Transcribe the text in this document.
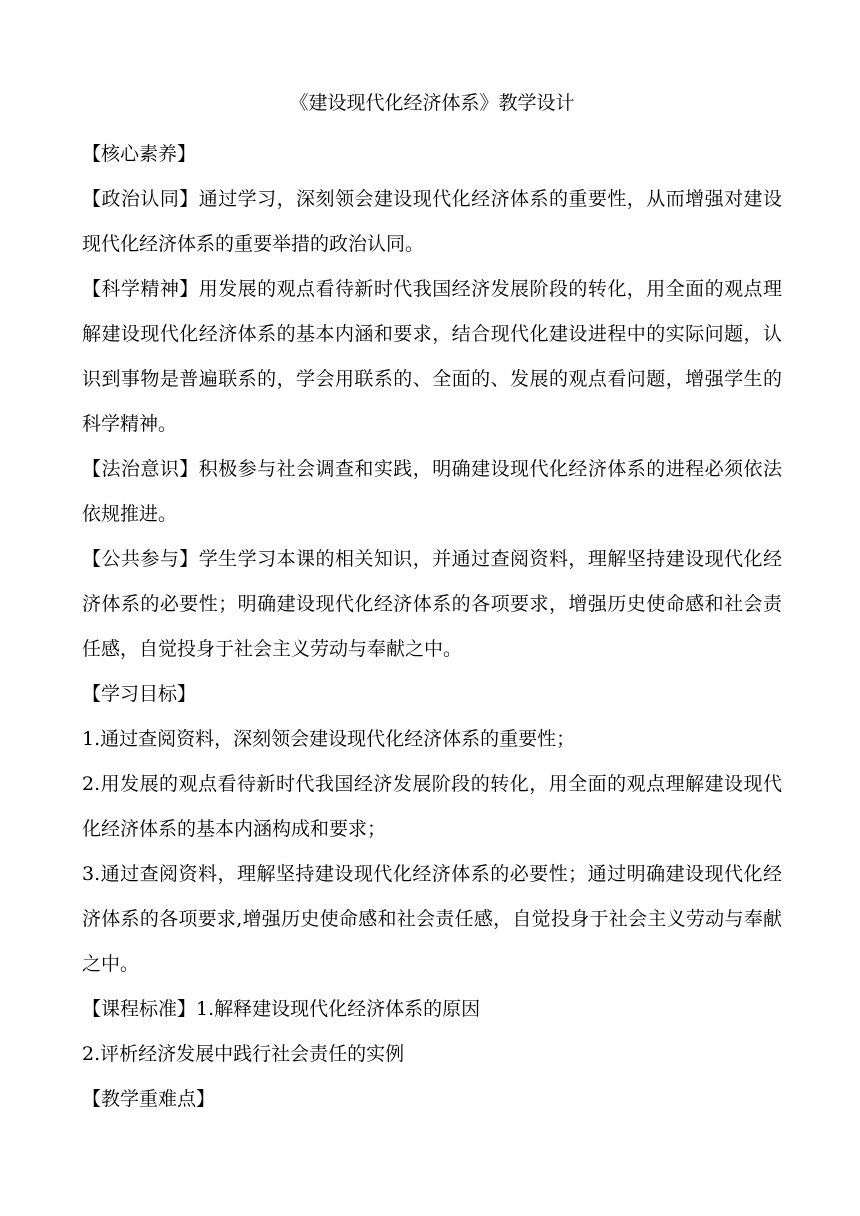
《建设现代化经济体系》教学设计

【核心素养】

【政治认同】通过学习，深刻领会建设现代化经济体系的重要性，从而增强对建设现代化经济体系的重要举措的政治认同。

【科学精神】用发展的观点看待新时代我国经济发展阶段的转化，用全面的观点理解建设现代化经济体系的基本内涵和要求，结合现代化建设进程中的实际问题，认识到事物是普遍联系的，学会用联系的、全面的、发展的观点看问题，增强学生的科学精神。

【法治意识】积极参与社会调查和实践，明确建设现代化经济体系的进程必须依法依规推进。

【公共参与】学生学习本课的相关知识，并通过查阅资料，理解坚持建设现代化经济体系的必要性；明确建设现代化经济体系的各项要求，增强历史使命感和社会责任感，自觉投身于社会主义劳动与奉献之中。

【学习目标】

1.通过查阅资料，深刻领会建设现代化经济体系的重要性；

2.用发展的观点看待新时代我国经济发展阶段的转化，用全面的观点理解建设现代化经济体系的基本内涵构成和要求；

3.通过查阅资料，理解坚持建设现代化经济体系的必要性；通过明确建设现代化经济体系的各项要求,增强历史使命感和社会责任感，自觉投身于社会主义劳动与奉献之中。

【课程标准】1.解释建设现代化经济体系的原因

2.评析经济发展中践行社会责任的实例

【教学重难点】
